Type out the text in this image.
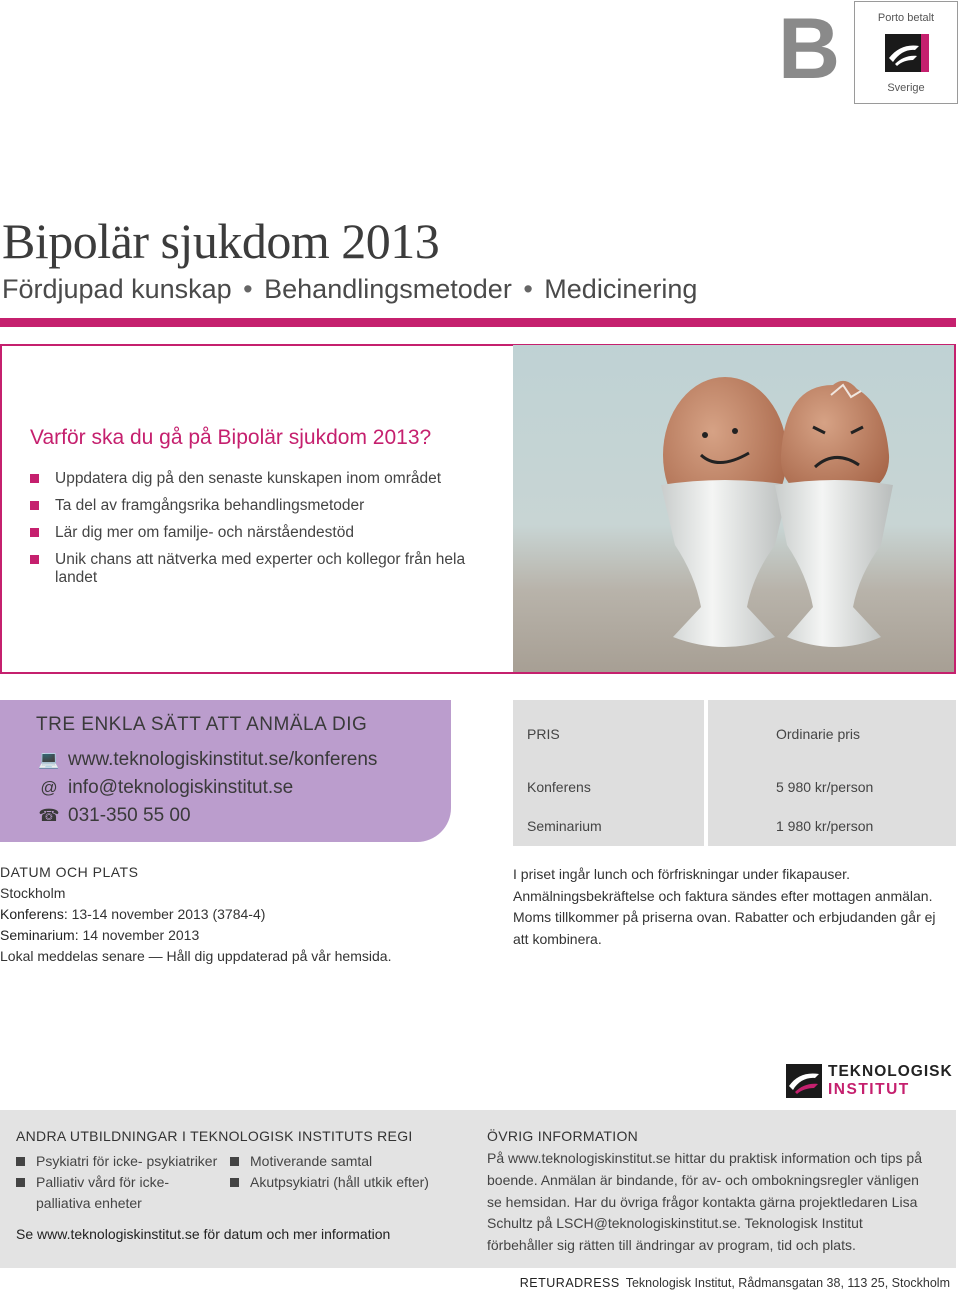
B	Porto betalt
Sverige
Bipolär sjukdom 2013
Fördjupad kunskap • Behandlingsmetoder • Medicinering
Varför ska du gå på Bipolär sjukdom 2013?
Uppdatera dig på den senaste kunskapen inom området
Ta del av framgångsrika behandlingsmetoder
Lär dig mer om familje- och närståendestöd
Unik chans att nätverka med experter och kollegor från hela landet
TRE ENKLA SÄTT ATT ANMÄLA DIG
💻 www.teknologiskinstitut.se/konferens
@ info@teknologiskinstitut.se
☎ 031-350 55 00
PRIS	Ordinarie pris
Konferens	5 980 kr/person
Seminarium	1 980 kr/person
DATUM OCH PLATS
Stockholm
Konferens: 13-14 november 2013 (3784-4)
Seminarium: 14 november 2013
Lokal meddelas senare — Håll dig uppdaterad på vår hemsida.
I priset ingår lunch och förfriskningar under fikapauser.
Anmälningsbekräftelse och faktura sändes efter mottagen anmälan.
Moms tillkommer på priserna ovan. Rabatter och erbjudanden går ej att kombinera.
TEKNOLOGISK
INSTITUT
ANDRA UTBILDNINGAR I TEKNOLOGISK INSTITUTS REGI
Psykiatri för icke- psykiatriker
Palliativ vård för icke- palliativa enheter
Motiverande samtal
Akutpsykiatri (håll utkik efter)
Se www.teknologiskinstitut.se för datum och mer information
ÖVRIG INFORMATION
På www.teknologiskinstitut.se hittar du praktisk information och tips på boende. Anmälan är bindande, för av- och ombokningsregler vänligen se hemsidan. Har du övriga frågor kontakta gärna projektledaren Lisa Schultz på LSCH@teknologiskinstitut.se. Teknologisk Institut förbehåller sig rätten till ändringar av program, tid och plats.
RETURADRESS Teknologisk Institut, Rådmansgatan 38, 113 25, Stockholm
